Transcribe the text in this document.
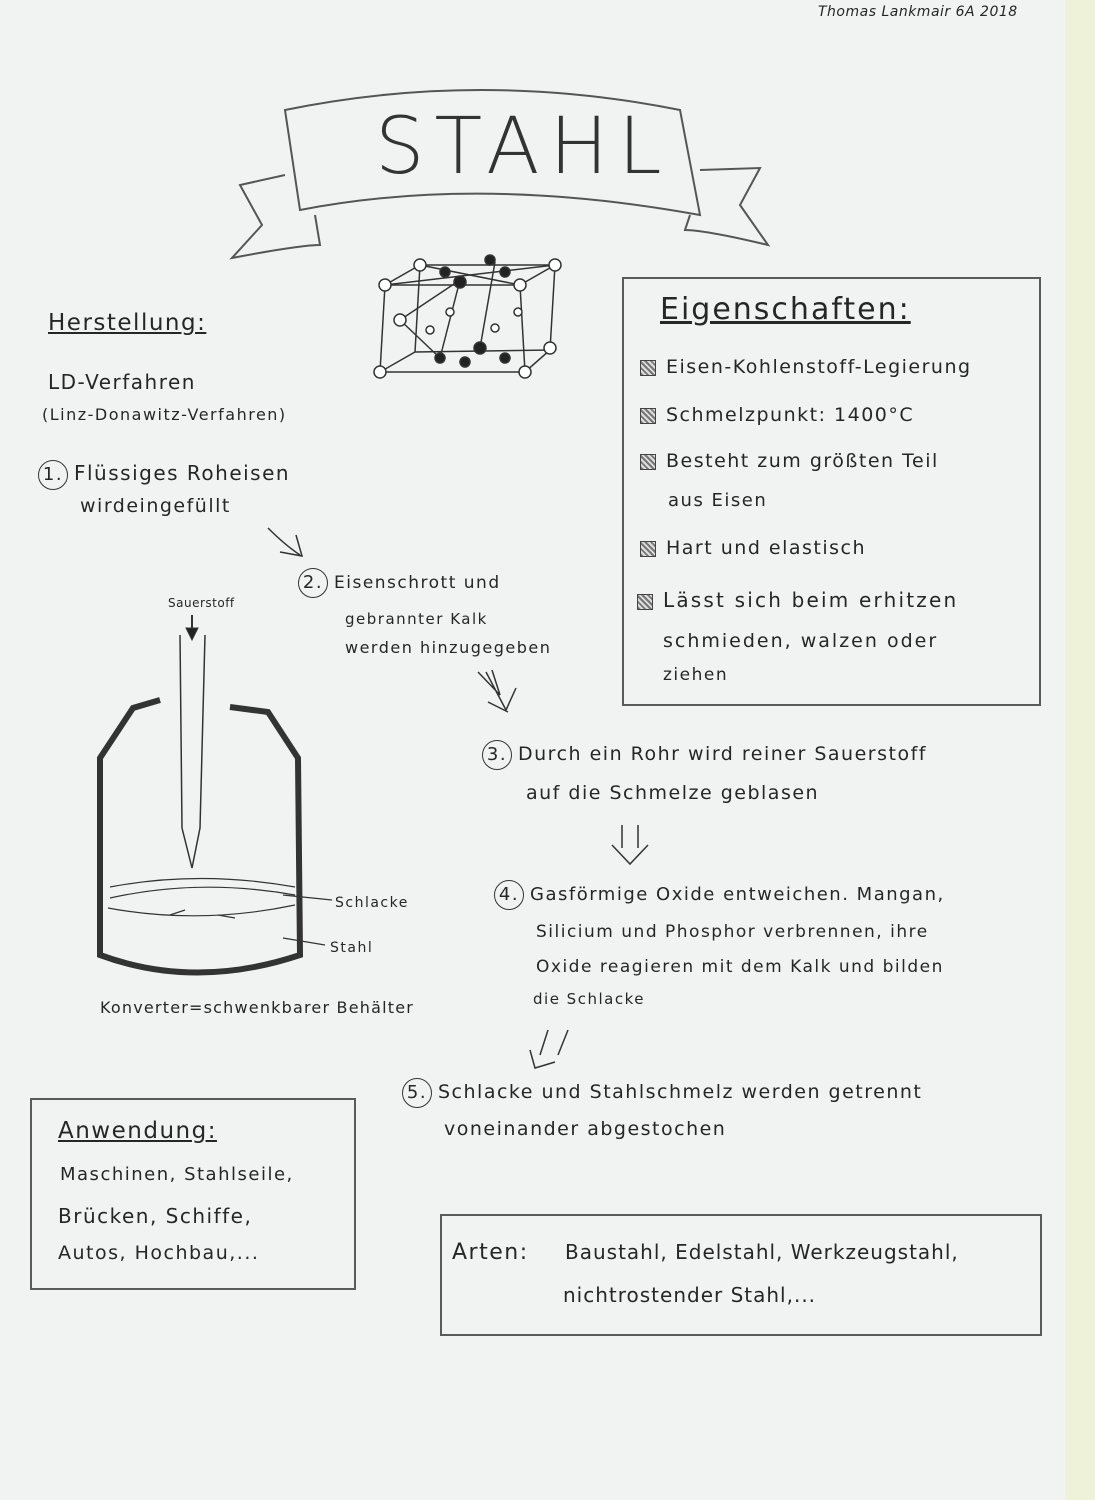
Thomas Lankmair 6A 2018
STAHL
Herstellung:
LD-Verfahren
(Linz-Donawitz-Verfahren)
1. Flüssiges Roheisen
wirdeingefüllt
2. Eisenschrott und
gebrannter Kalk
werden hinzugegeben
Sauerstoff
Schlacke
Stahl
Konverter=schwenkbarer Behälter
3. Durch ein Rohr wird reiner Sauerstoff
auf die Schmelze geblasen
4. Gasförmige Oxide entweichen. Mangan,
Silicium und Phosphor verbrennen, ihre
Oxide reagieren mit dem Kalk und bilden
die Schlacke
5. Schlacke und Stahlschmelz werden getrennt
voneinander abgestochen
Eigenschaften:
Eisen-Kohlenstoff-Legierung
Schmelzpunkt: 1400°C
Besteht zum größten Teil
aus Eisen
Hart und elastisch
Lässt sich beim erhitzen
schmieden, walzen oder
ziehen
Anwendung:
Maschinen, Stahlseile,
Brücken, Schiffe,
Autos, Hochbau,...	Arten: Baustahl, Edelstahl, Werkzeugstahl,
nichtrostender Stahl,...
